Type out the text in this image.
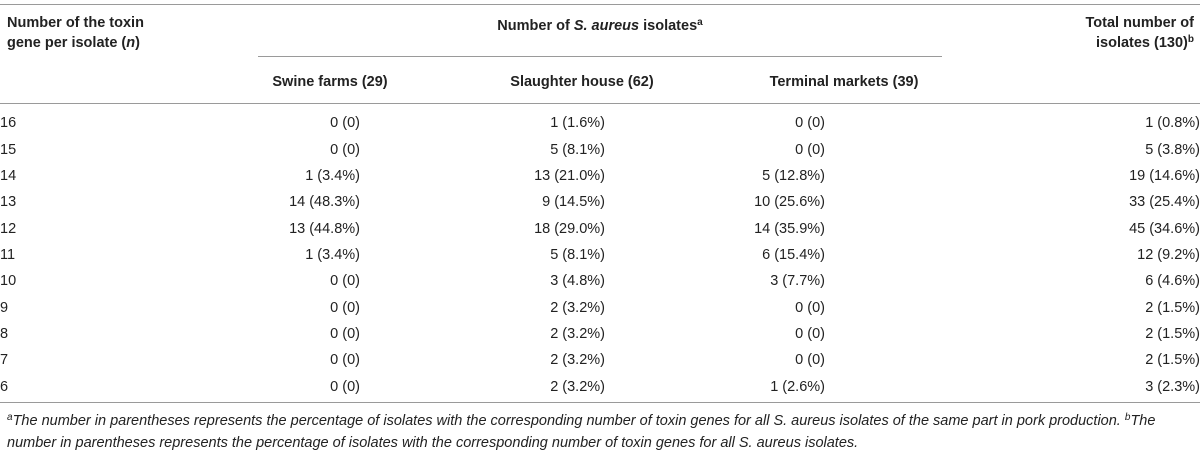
Number of the toxin
gene per isolate (n)
Number of S. aureus isolates$^a$	Total number of
isolates $(130)^b$
Swine farms (29)	Slaughter house (62)	Terminal markets (39)
16	0 (0)	1 (1.6%)	0 (0)	1 (0.8%)
15	0 (0)	5 (8.1%)	0 (0)	5 (3.8%)
14	1 (3.4%)	13 (21.0%)	5 (12.8%)	19 (14.6%)
13	14 (48.3%)	9 (14.5%)	10 (25.6%)	33 (25.4%)
12	13 (44.8%)	18 (29.0%)	14 (35.9%)	45 (34.6%)
11	1 (3.4%)	5 (8.1%)	6 (15.4%)	12 (9.2%)
10	0 (0)	3 (4.8%)	3 (7.7%)	6 (4.6%)
9	0 (0)	2 (3.2%)	0 (0)	2 (1.5%)
8	0 (0)	2 (3.2%)	0 (0)	2 (1.5%)
7	0 (0)	2 (3.2%)	0 (0)	2 (1.5%)
6	0 (0)	2 (3.2%)	1 (2.6%)	3 (2.3%)
$^a$The number in parentheses represents the percentage of isolates with the corresponding number of toxin genes for all S. aureus isolates of the same part in pork production. $^b$The number in parentheses represents the percentage of isolates with the corresponding number of toxin genes for all S. aureus isolates.
